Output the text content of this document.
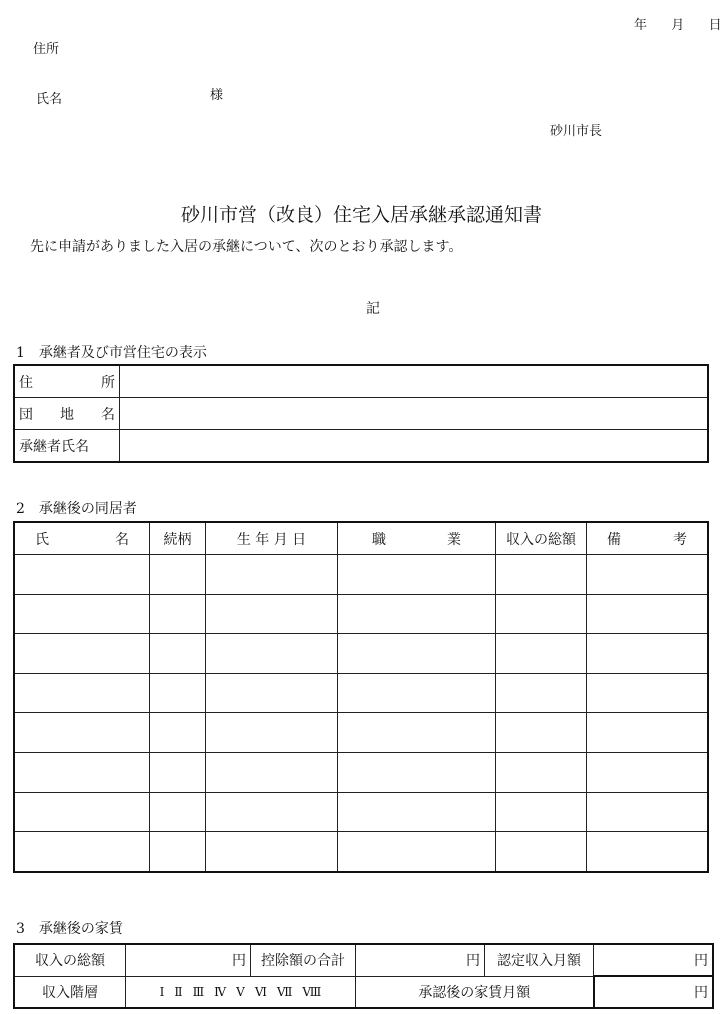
年 月 日
住所
氏名	様
砂川市長
砂川市営（改良）住宅入居承継承認通知書
先に申請がありました入居の承継について、次のとおり承認します。
記
1　承継者及び市営住宅の表示
住 所	

団 地 名	

承継者氏名	
2　承継後の同居者
氏 名	続柄	生 年 月 日	職 業	収入の総額	備 考

3　承継後の家賃
収入の総額	円	控除額の合計	円	認定収入月額	円
収入階層	Ⅰ Ⅱ Ⅲ Ⅳ Ⅴ Ⅵ Ⅶ Ⅷ		承認後の家賃月額		円
